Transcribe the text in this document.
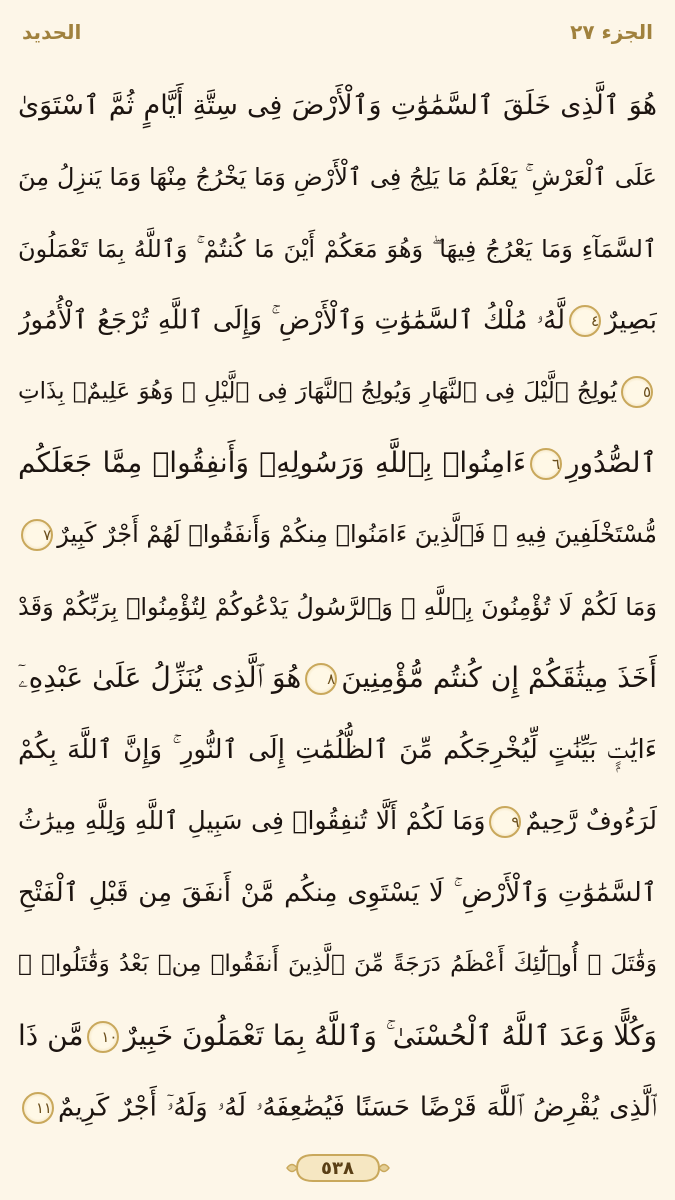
الحديد	الجزء ٢٧
هُوَ ٱلَّذِى خَلَقَ ٱلسَّمَٰوَٰتِ وَٱلْأَرْضَ فِى سِتَّةِ أَيَّامٍ ثُمَّ ٱسْتَوَىٰ
عَلَى ٱلْعَرْشِ ۚ يَعْلَمُ مَا يَلِجُ فِى ٱلْأَرْضِ وَمَا يَخْرُجُ مِنْهَا وَمَا يَنزِلُ مِنَ
ٱلسَّمَآءِ وَمَا يَعْرُجُ فِيهَا ۖ وَهُوَ مَعَكُمْ أَيْنَ مَا كُنتُمْ ۚ وَٱللَّهُ بِمَا تَعْمَلُونَ
بَصِيرٌ٤لَّهُۥ مُلْكُ ٱلسَّمَٰوَٰتِ وَٱلْأَرْضِ ۚ وَإِلَى ٱللَّهِ تُرْجَعُ ٱلْأُمُورُ
٥يُولِجُ ٱلَّيْلَ فِى ٱلنَّهَارِ وَيُولِجُ ٱلنَّهَارَ فِى ٱلَّيْلِ ۚ وَهُوَ عَلِيمٌۢ بِذَاتِ
ٱلصُّدُورِ٦ءَامِنُوا۟ بِٱللَّهِ وَرَسُولِهِۦ وَأَنفِقُوا۟ مِمَّا جَعَلَكُم
مُّسْتَخْلَفِينَ فِيهِ ۖ فَٱلَّذِينَ ءَامَنُوا۟ مِنكُمْ وَأَنفَقُوا۟ لَهُمْ أَجْرٌ كَبِيرٌ٧
وَمَا لَكُمْ لَا تُؤْمِنُونَ بِٱللَّهِ ۙ وَٱلرَّسُولُ يَدْعُوكُمْ لِتُؤْمِنُوا۟ بِرَبِّكُمْ وَقَدْ
أَخَذَ مِيثَٰقَكُمْ إِن كُنتُم مُّؤْمِنِينَ٨هُوَ ٱلَّذِى يُنَزِّلُ عَلَىٰ عَبْدِهِۦٓ
ءَايَٰتٍۭ بَيِّنَٰتٍ لِّيُخْرِجَكُم مِّنَ ٱلظُّلُمَٰتِ إِلَى ٱلنُّورِ ۚ وَإِنَّ ٱللَّهَ بِكُمْ
لَرَءُوفٌ رَّحِيمٌ٩وَمَا لَكُمْ أَلَّا تُنفِقُوا۟ فِى سَبِيلِ ٱللَّهِ وَلِلَّهِ مِيرَٰثُ
ٱلسَّمَٰوَٰتِ وَٱلْأَرْضِ ۚ لَا يَسْتَوِى مِنكُم مَّنْ أَنفَقَ مِن قَبْلِ ٱلْفَتْحِ
وَقَٰتَلَ ۚ أُو۟لَٰٓئِكَ أَعْظَمُ دَرَجَةً مِّنَ ٱلَّذِينَ أَنفَقُوا۟ مِنۢ بَعْدُ وَقَٰتَلُوا۟ ۚ
وَكُلًّا وَعَدَ ٱللَّهُ ٱلْحُسْنَىٰ ۚ وَٱللَّهُ بِمَا تَعْمَلُونَ خَبِيرٌ١٠مَّن ذَا
ٱلَّذِى يُقْرِضُ ٱللَّهَ قَرْضًا حَسَنًا فَيُضَٰعِفَهُۥ لَهُۥ وَلَهُۥٓ أَجْرٌ كَرِيمٌ١١
٥٣٨
